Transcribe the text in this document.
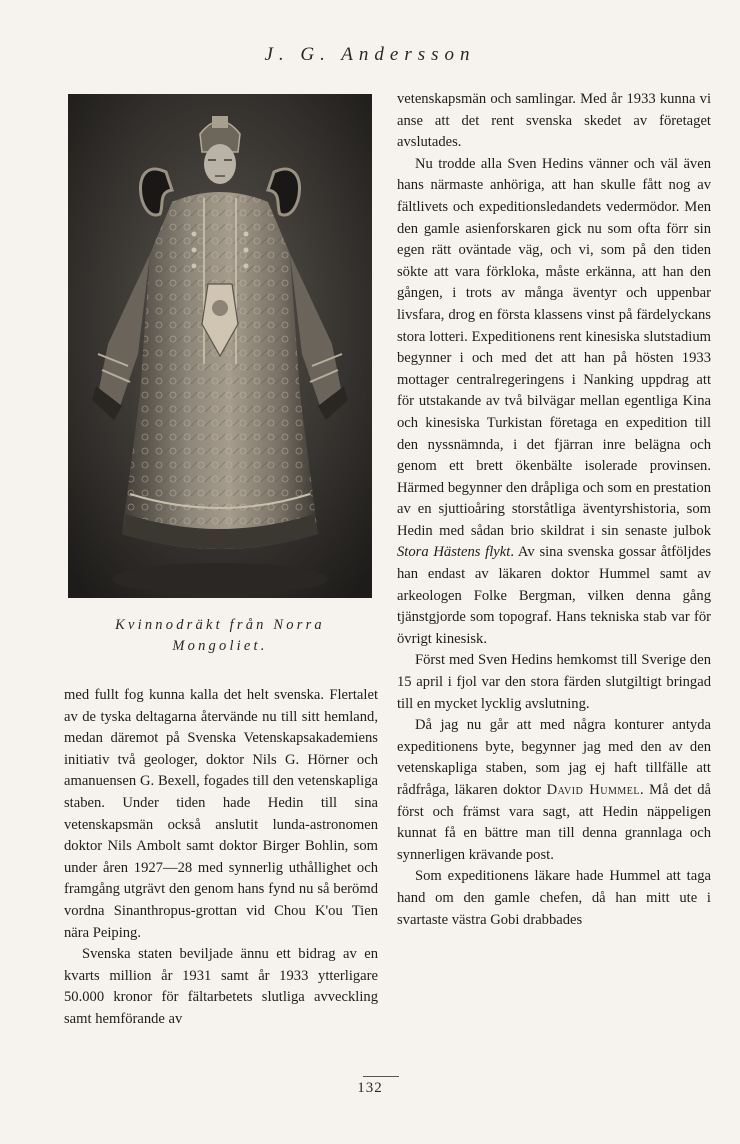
J. G. Andersson
Kvinnodräkt från Norra
Mongoliet.

med fullt fog kunna kalla det helt svenska. Flertalet av de tyska deltagarna återvände nu till sitt hemland, medan däremot på Svenska Vetenskapsakademiens initiativ två geologer, doktor Nils G. Hörner och amanuensen G. Bexell, fogades till den vetenskapliga staben. Under tiden hade Hedin till sina vetenskapsmän också anslutit lunda-astronomen doktor Nils Ambolt samt doktor Birger Bohlin, som under åren 1927—28 med synnerlig uthållighet och framgång utgrävt den genom hans fynd nu så berömd vordna Sinanthropus-grottan vid Chou K'ou Tien nära Peiping.

Svenska staten beviljade ännu ett bidrag av en kvarts million år 1931 samt år 1933 ytterligare 50.000 kronor för fältarbetets slutliga avveckling samt hemförande av

vetenskapsmän och samlingar. Med år 1933 kunna vi anse att det rent svenska skedet av företaget avslutades.

Nu trodde alla Sven Hedins vänner och väl även hans närmaste anhöriga, att han skulle fått nog av fältlivets och expeditionsledandets vedermödor. Men den gamle asienforskaren gick nu som ofta förr sin egen rätt oväntade väg, och vi, som på den tiden sökte att vara förkloka, måste erkänna, att han den gången, i trots av många äventyr och uppenbar livsfara, drog en första klassens vinst på färdelyckans stora lotteri. Expeditionens rent kinesiska slutstadium begynner i och med det att han på hösten 1933 mottager centralregeringens i Nanking uppdrag att för utstakande av två bilvägar mellan egentliga Kina och kinesiska Turkistan företaga en expedition till den nyssnämnda, i det fjärran inre belägna och genom ett brett ökenbälte isolerade provinsen. Härmed begynner den dråpliga och som en prestation av en sjuttioåring storståtliga äventyrshistoria, som Hedin med sådan brio skildrat i sin senaste julbok Stora Hästens flykt. Av sina svenska gossar åtföljdes han endast av läkaren doktor Hummel samt av arkeologen Folke Bergman, vilken denna gång tjänstgjorde som topograf. Hans tekniska stab var för övrigt kinesisk.

Först med Sven Hedins hemkomst till Sverige den 15 april i fjol var den stora färden slutgiltigt bringad till en mycket lycklig avslutning.

Då jag nu går att med några konturer antyda expeditionens byte, begynner jag med den av den vetenskapliga staben, som jag ej haft tillfälle att rådfråga, läkaren doktor David Hummel. Må det då först och främst vara sagt, att Hedin näppeligen kunnat få en bättre man till denna grannlaga och synnerligen krävande post.

Som expeditionens läkare hade Hummel att taga hand om den gamle chefen, då han mitt ute i svartaste västra Gobi drabbades

132
